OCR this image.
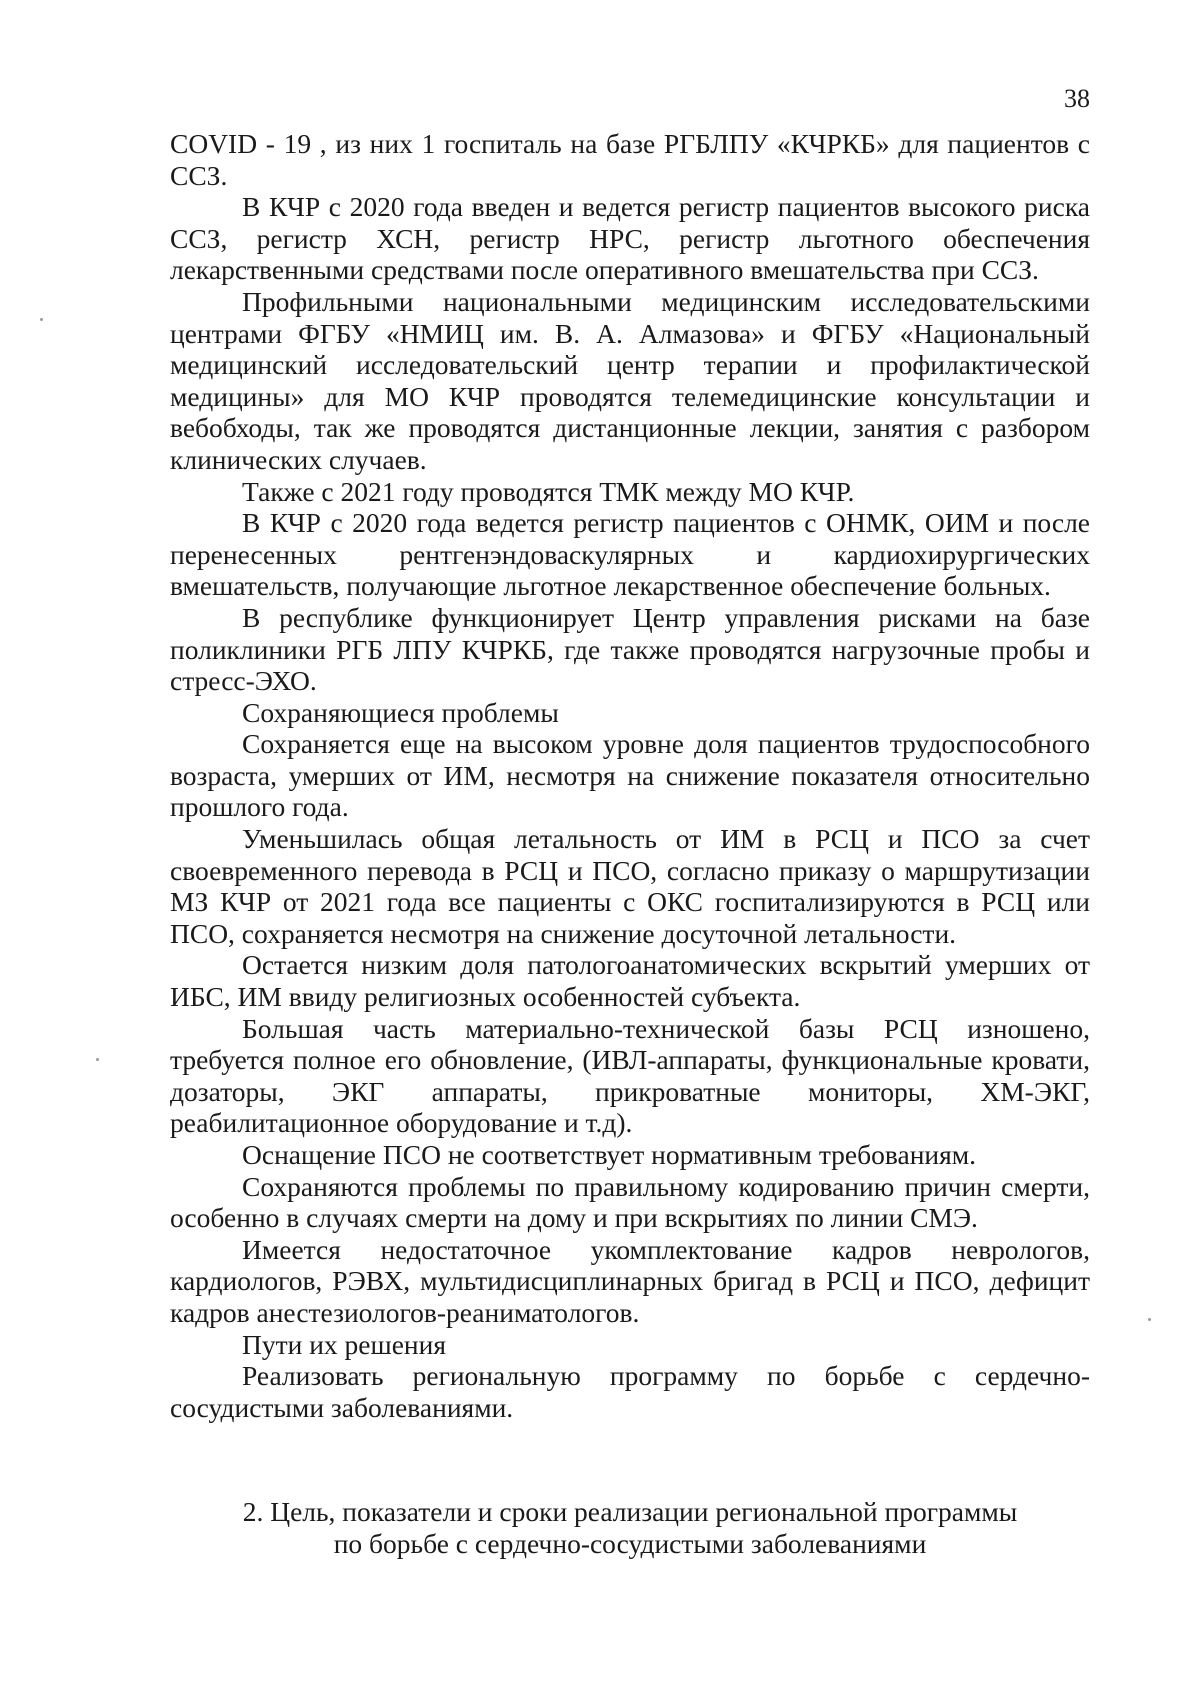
38

COVID - 19 , из них 1 госпиталь на базе РГБЛПУ «КЧРКБ» для пациентов с ССЗ.

В КЧР с 2020 года введен и ведется регистр пациентов высокого риска ССЗ, регистр ХСН, регистр НРС, регистр льготного обеспечения лекарственными средствами после оперативного вмешательства при ССЗ.

Профильными национальными медицинским исследовательскими центрами ФГБУ «НМИЦ им. В. А. Алмазова» и ФГБУ «Национальный медицинский исследовательский центр терапии и профилактической медицины» для МО КЧР проводятся телемедицинские консультации и вебобходы, так же проводятся дистанционные лекции, занятия с разбором клинических случаев.

Также с 2021 году проводятся ТМК между МО КЧР.

В КЧР с 2020 года ведется регистр пациентов с ОНМК, ОИМ и после перенесенных рентгенэндоваскулярных и кардиохирургических вмешательств, получающие льготное лекарственное обеспечение больных.

В республике функционирует Центр управления рисками на базе поликлиники РГБ ЛПУ КЧРКБ, где также проводятся нагрузочные пробы и стресс-ЭХО.

Сохраняющиеся проблемы

Сохраняется еще на высоком уровне доля пациентов трудоспособного возраста, умерших от ИМ, несмотря на снижение показателя относительно прошлого года.

Уменьшилась общая летальность от ИМ в РСЦ и ПСО за счет своевременного перевода в РСЦ и ПСО, согласно приказу о маршрутизации МЗ КЧР от 2021 года все пациенты с ОКС госпитализируются в РСЦ или ПСО, сохраняется несмотря на снижение досуточной летальности.

Остается низким доля патологоанатомических вскрытий умерших от ИБС, ИМ ввиду религиозных особенностей субъекта.

Большая часть материально-технической базы РСЦ изношено, требуется полное его обновление, (ИВЛ-аппараты, функциональные кровати, дозаторы, ЭКГ аппараты, прикроватные мониторы, ХМ-ЭКГ, реабилитационное оборудование и т.д).

Оснащение ПСО не соответствует нормативным требованиям.

Сохраняются проблемы по правильному кодированию причин смерти, особенно в случаях смерти на дому и при вскрытиях по линии СМЭ.

Имеется недостаточное укомплектование кадров неврологов, кардиологов, РЭВХ, мультидисциплинарных бригад в РСЦ и ПСО, дефицит кадров анестезиологов-реаниматологов.

Пути их решения

Реализовать региональную программу по борьбе с сердечно-сосудистыми заболеваниями.

2. Цель, показатели и сроки реализации региональной программы
по борьбе с сердечно-сосудистыми заболеваниями
